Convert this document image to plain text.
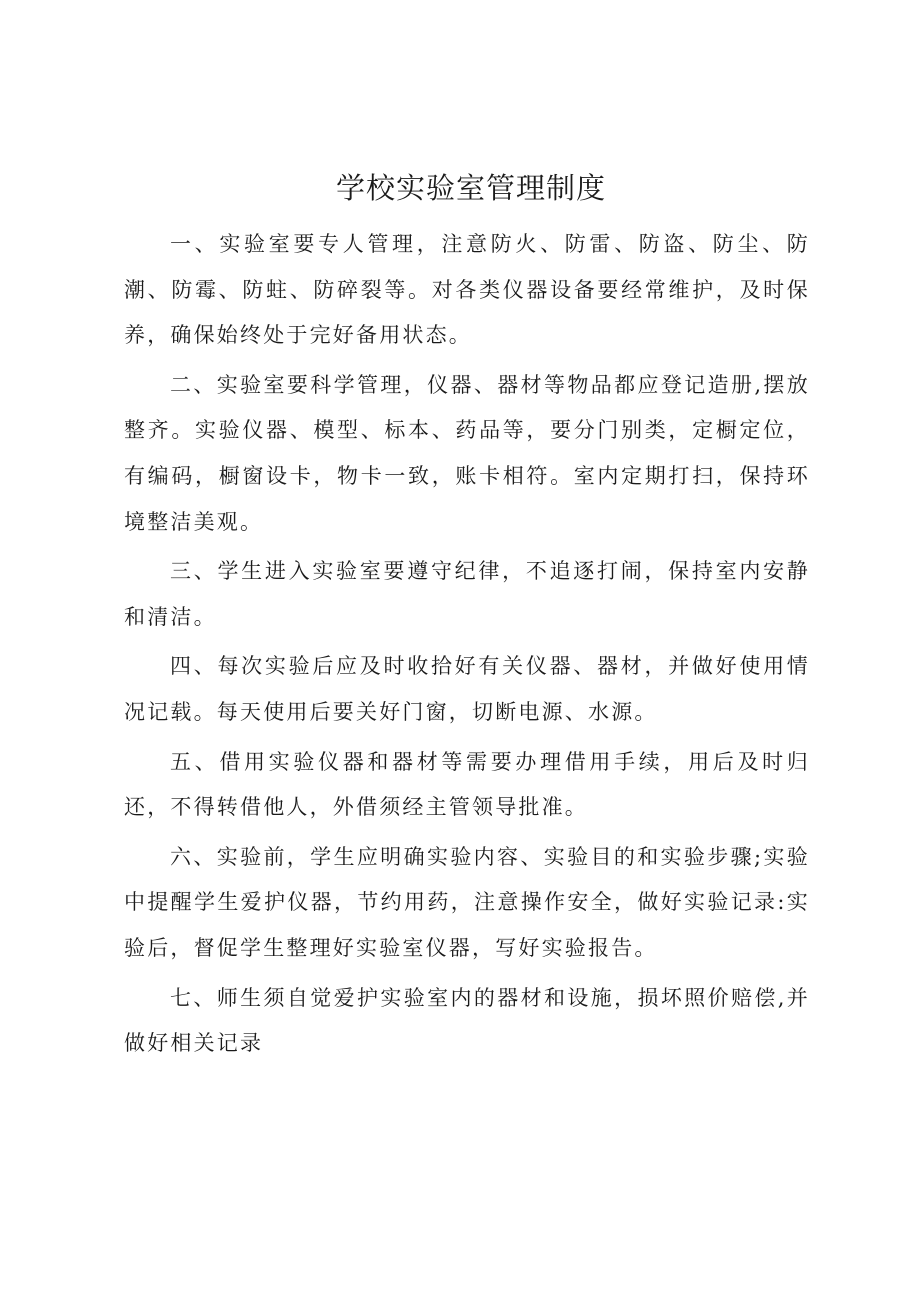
学校实验室管理制度

一、实验室要专人管理，注意防火、防雷、防盗、防尘、防潮、防霉、防蛀、防碎裂等。对各类仪器设备要经常维护，及时保养，确保始终处于完好备用状态。

二、实验室要科学管理，仪器、器材等物品都应登记造册,摆放整齐。实验仪器、模型、标本、药品等，要分门别类，定橱定位，有编码，橱窗设卡，物卡一致，账卡相符。室内定期打扫，保持环境整洁美观。

三、学生进入实验室要遵守纪律，不追逐打闹，保持室内安静和清洁。

四、每次实验后应及时收拾好有关仪器、器材，并做好使用情况记载。每天使用后要关好门窗，切断电源、水源。

五、借用实验仪器和器材等需要办理借用手续，用后及时归还，不得转借他人，外借须经主管领导批准。

六、实验前，学生应明确实验内容、实验目的和实验步骤;实验中提醒学生爱护仪器，节约用药，注意操作安全，做好实验记录:实验后，督促学生整理好实验室仪器，写好实验报告。

七、师生须自觉爱护实验室内的器材和设施，损坏照价赔偿,并做好相关记录
